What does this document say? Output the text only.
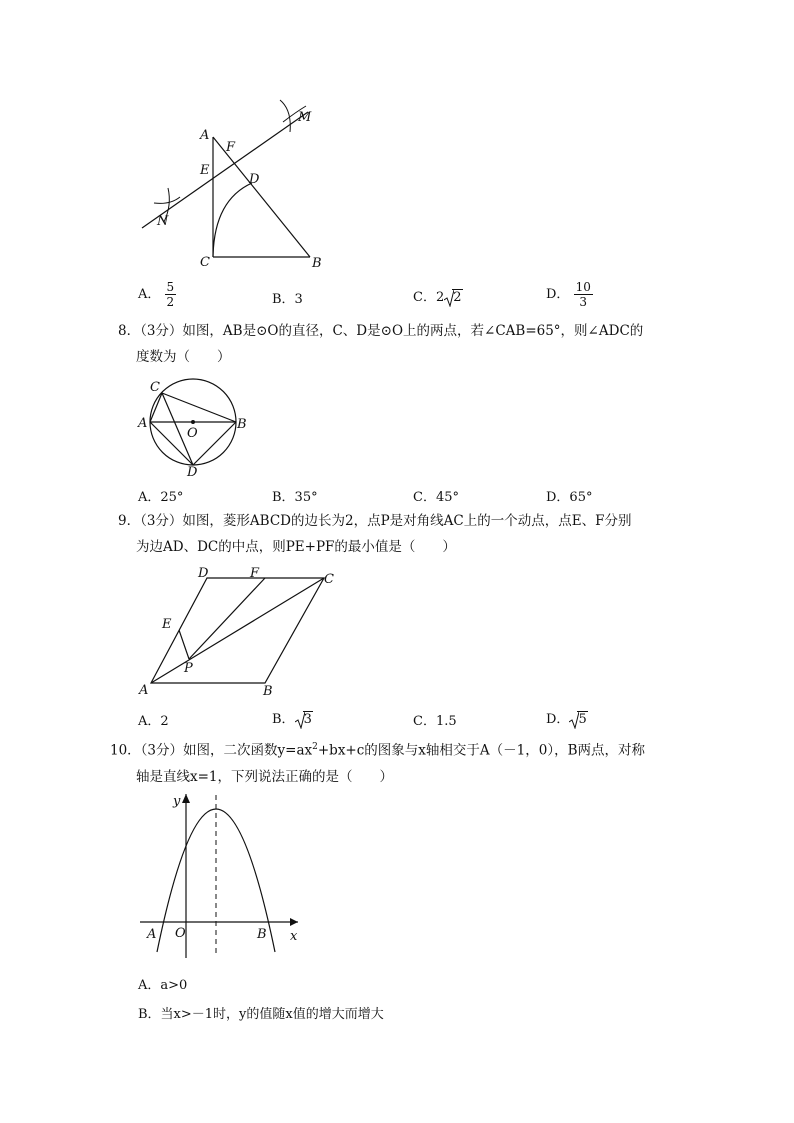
A
F
M
E
D
N
C	B
A． $\frac{5}{2}$	B．3	C．2 2	D． $\frac{10}{3}$
8．（3分）如图，AB是⊙O的直径，C、D是⊙O上的两点，若∠CAB=65°，则∠ADC的
度数为（　　）
C
A
O
B
D
A．25°	B．35°	C．45°	D．65°
9．（3分）如图，菱形ABCD的边长为2，点P是对角线AC上的一个动点，点E、F分别
为边AD、DC的中点，则PE+PF的最小值是（　　）
D	F	C
E
P
A	B
A．2	B． 3	C．1.5	D． 5
10．（3分）如图，二次函数$y=ax^2+bx+c$的图象与x轴相交于A（－1，0），B两点，对称
轴是直线x=1，下列说法正确的是（　　）
y
x
O
A	B
A．a>0
B．当x>－1时，y的值随x值的增大而增大
